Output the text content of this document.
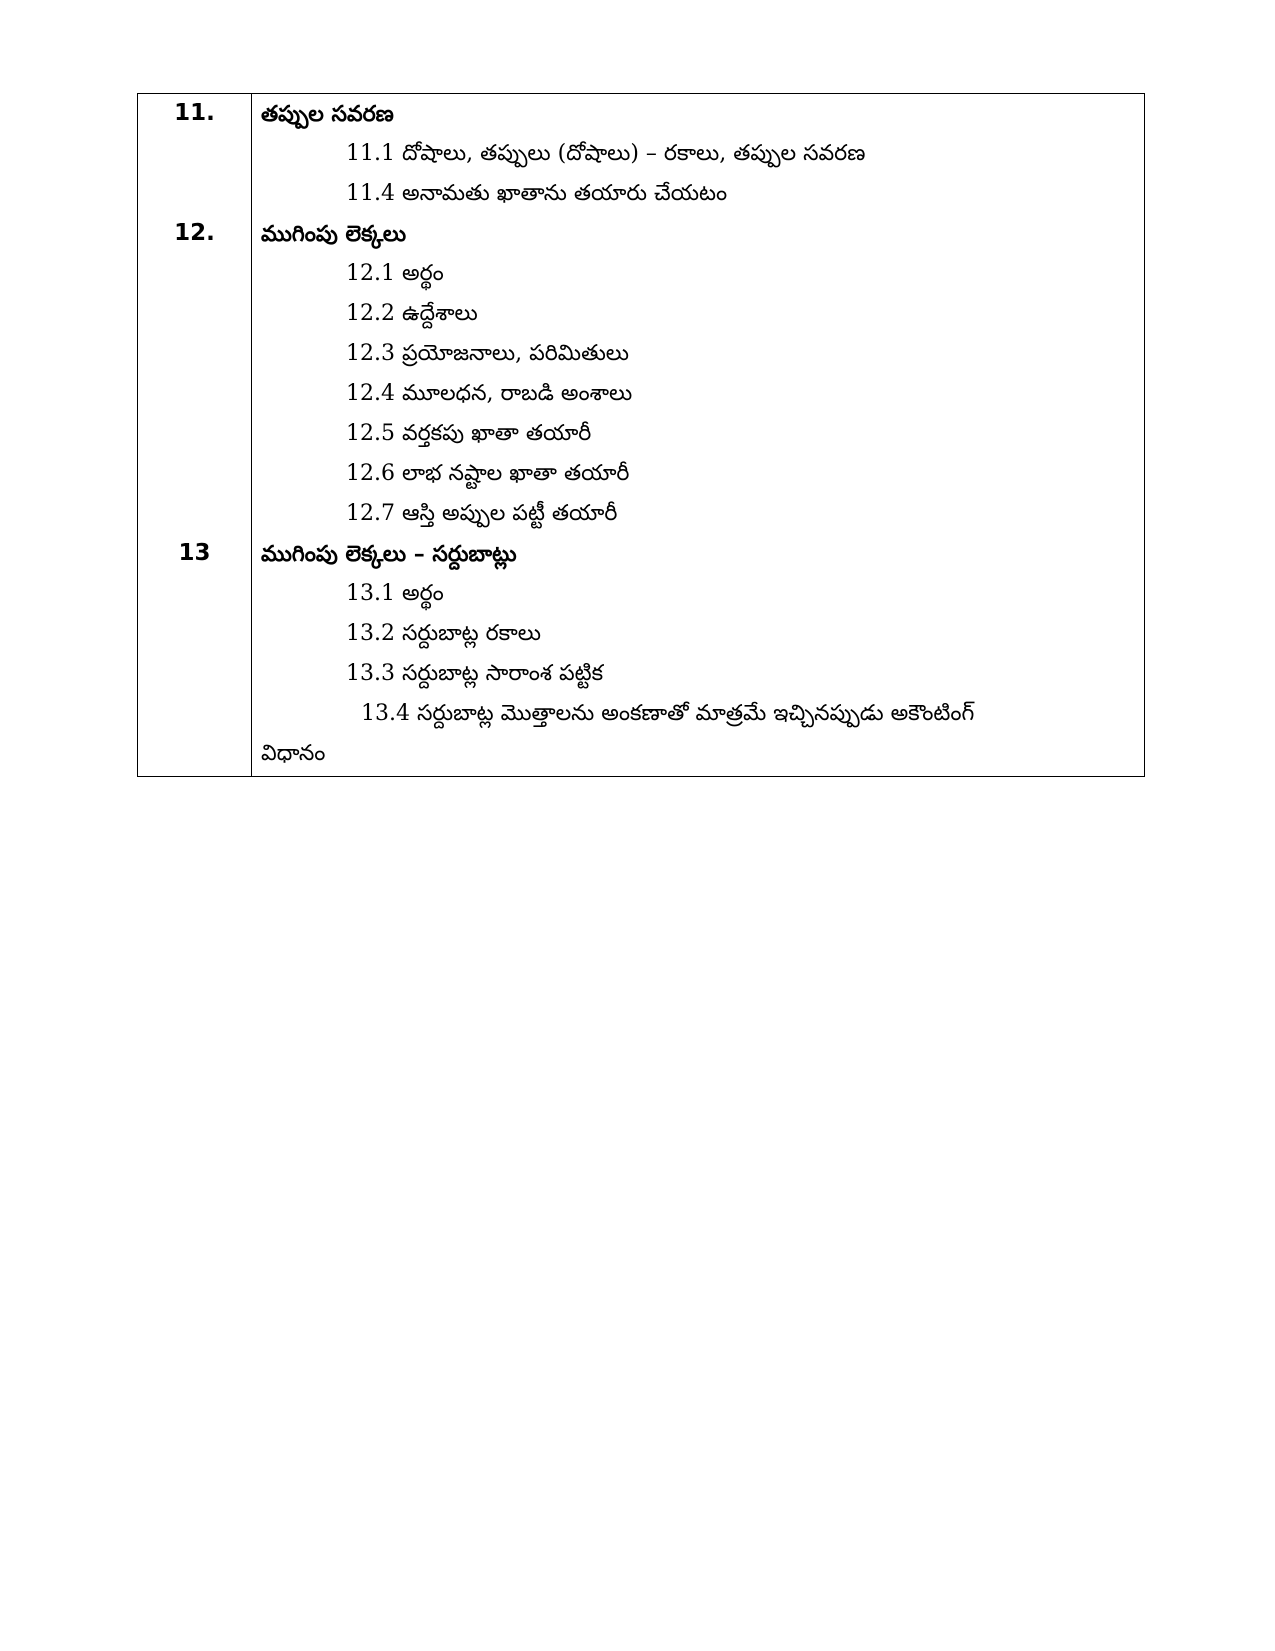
11.	తప్పుల సవరణ
11.1 దోషాలు, తప్పులు (దోషాలు) – రకాలు, తప్పుల సవరణ
11.4 అనామతు ఖాతాను తయారు చేయటం
12.	ముగింపు లెక్కలు
12.1 అర్థం
12.2 ఉద్దేశాలు
12.3 ప్రయోజనాలు, పరిమితులు
12.4 మూలధన, రాబడి అంశాలు
12.5 వర్తకపు ఖాతా తయారీ
12.6 లాభ నష్టాల ఖాతా తయారీ
12.7 ఆస్తి అప్పుల పట్టీ తయారీ
13	ముగింపు లెక్కలు – సర్దుబాట్లు
13.1 అర్థం
13.2 సర్దుబాట్ల రకాలు
13.3 సర్దుబాట్ల సారాంశ పట్టిక
13.4 సర్దుబాట్ల మొత్తాలను అంకణాతో మాత్రమే ఇచ్చినప్పుడు అకౌంటింగ్
విధానం
